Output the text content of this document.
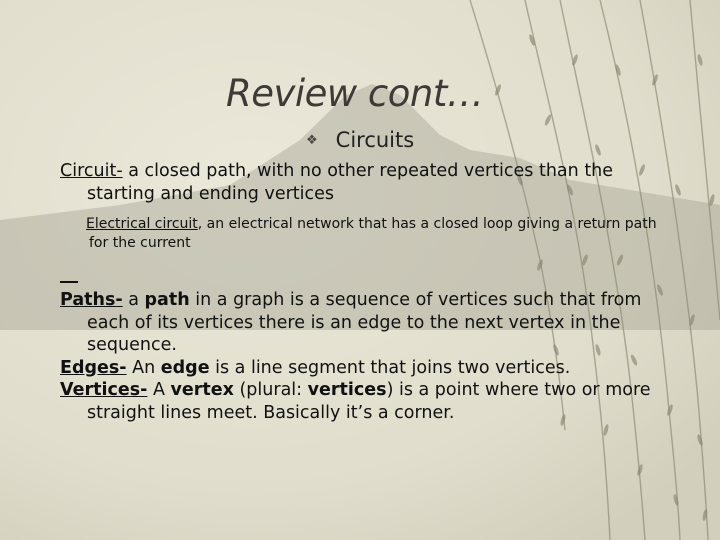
Review cont…
❖ Circuits

Circuit- a closed path, with no other repeated vertices than the starting and ending vertices

Electrical circuit, an electrical network that has a closed loop giving a return path for the current

Paths- a path in a graph is a sequence of vertices such that from each of its vertices there is an edge to the next vertex in the sequence.

Edges- An edge is a line segment that joins two vertices.

Vertices- A vertex (plural: vertices) is a point where two or more straight lines meet. Basically it’s a corner.
